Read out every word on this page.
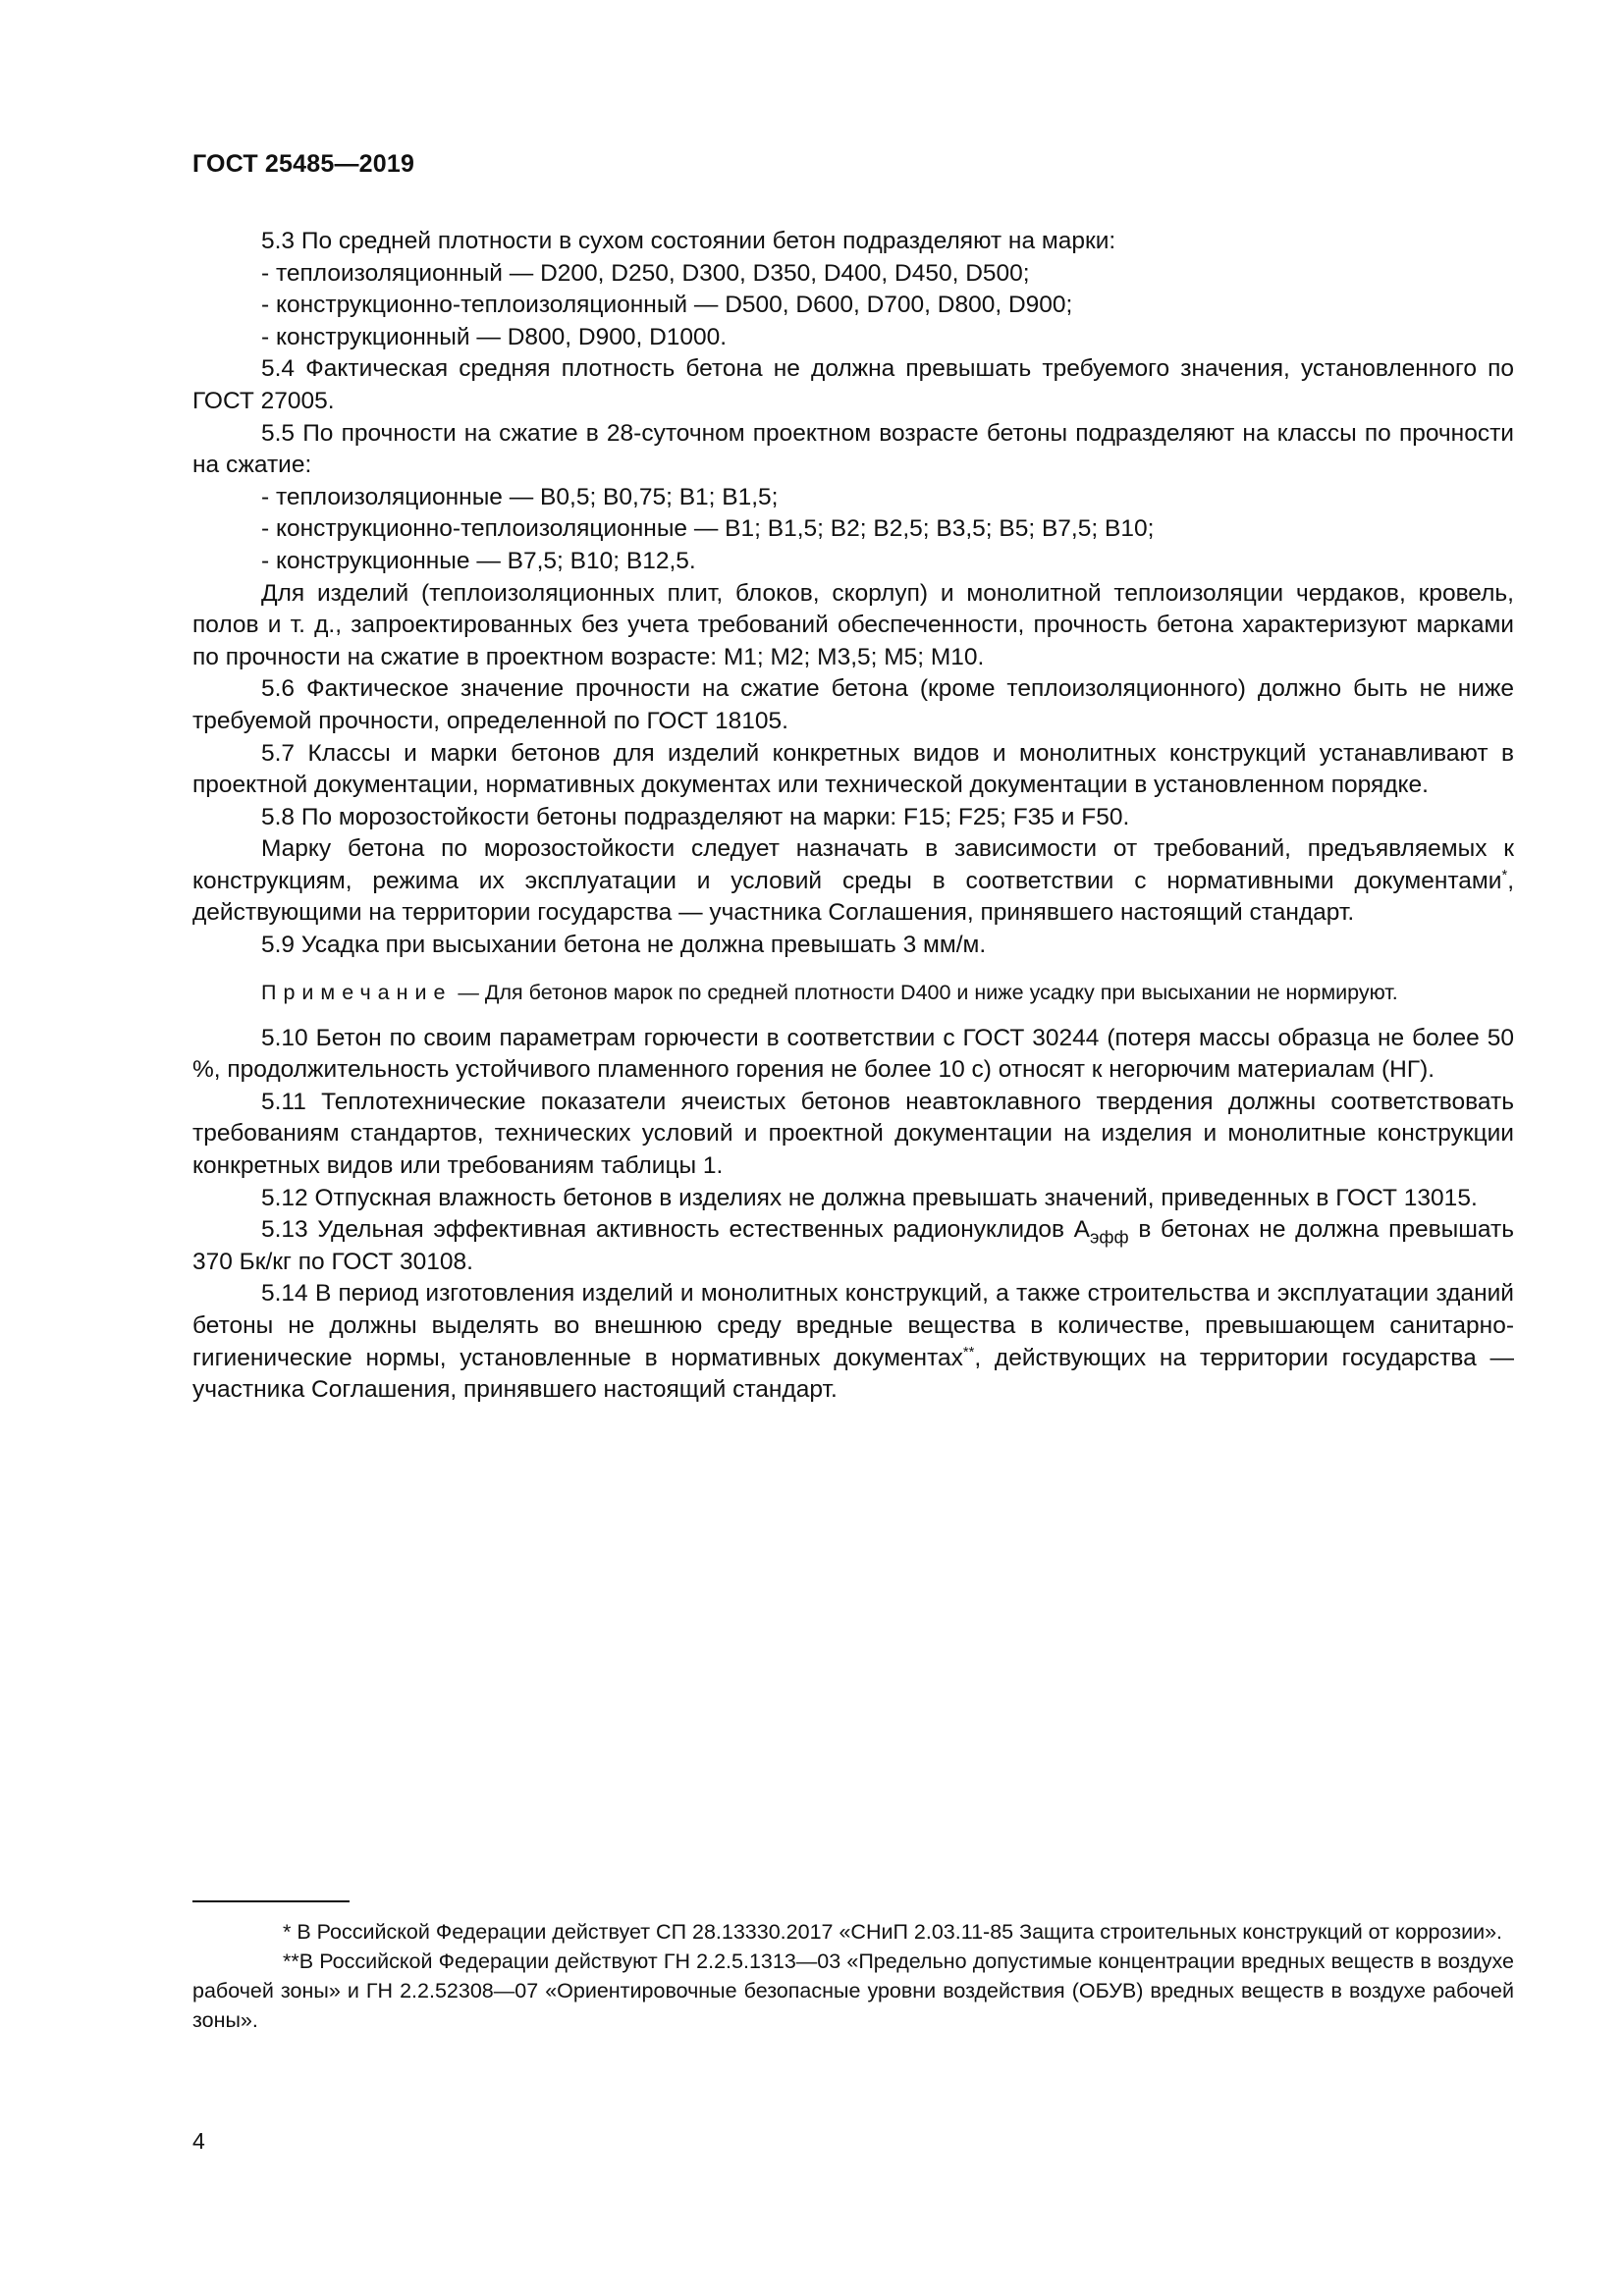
ГОСТ 25485—2019

5.3 По средней плотности в сухом состоянии бетон подразделяют на марки:

- теплоизоляционный — D200, D250, D300, D350, D400, D450, D500;

- конструкционно-теплоизоляционный — D500, D600, D700, D800, D900;

- конструкционный — D800, D900, D1000.

5.4 Фактическая средняя плотность бетона не должна превышать требуемого значения, установленного по ГОСТ 27005.

5.5 По прочности на сжатие в 28-суточном проектном возрасте бетоны подразделяют на классы по прочности на сжатие:

- теплоизоляционные — В0,5; В0,75; В1; В1,5;

- конструкционно-теплоизоляционные — В1; В1,5; В2; В2,5; В3,5; В5; В7,5; В10;

- конструкционные — В7,5; В10; В12,5.

Для изделий (теплоизоляционных плит, блоков, скорлуп) и монолитной теплоизоляции чердаков, кровель, полов и т. д., запроектированных без учета требований обеспеченности, прочность бетона характеризуют марками по прочности на сжатие в проектном возрасте: М1; М2; М3,5; М5; М10.

5.6 Фактическое значение прочности на сжатие бетона (кроме теплоизоляционного) должно быть не ниже требуемой прочности, определенной по ГОСТ 18105.

5.7 Классы и марки бетонов для изделий конкретных видов и монолитных конструкций устанавливают в проектной документации, нормативных документах или технической документации в установленном порядке.

5.8 По морозостойкости бетоны подразделяют на марки: F15; F25; F35 и F50.

Марку бетона по морозостойкости следует назначать в зависимости от требований, предъявляемых к конструкциям, режима их эксплуатации и условий среды в соответствии с нормативными документами*, действующими на территории государства — участника Соглашения, принявшего настоящий стандарт.

5.9 Усадка при высыхании бетона не должна превышать 3 мм/м.

Примечание — Для бетонов марок по средней плотности D400 и ниже усадку при высыхании не нормируют.

5.10 Бетон по своим параметрам горючести в соответствии с ГОСТ 30244 (потеря массы образца не более 50 %, продолжительность устойчивого пламенного горения не более 10 с) относят к негорючим материалам (НГ).

5.11 Теплотехнические показатели ячеистых бетонов неавтоклавного твердения должны соответствовать требованиям стандартов, технических условий и проектной документации на изделия и монолитные конструкции конкретных видов или требованиям таблицы 1.

5.12 Отпускная влажность бетонов в изделиях не должна превышать значений, приведенных в ГОСТ 13015.

5.13 Удельная эффективная активность естественных радионуклидов $А_{эфф}$ в бетонах не должна превышать 370 Бк/кг по ГОСТ 30108.

5.14 В период изготовления изделий и монолитных конструкций, а также строительства и эксплуатации зданий бетоны не должны выделять во внешнюю среду вредные вещества в количестве, превышающем санитарно-гигиенические нормы, установленные в нормативных документах**, действующих на территории государства — участника Соглашения, принявшего настоящий стандарт.

* В Российской Федерации действует СП 28.13330.2017 «СНиП 2.03.11-85 Защита строительных конструкций от коррозии».

**В Российской Федерации действуют ГН 2.2.5.1313—03 «Предельно допустимые концентрации вредных веществ в воздухе рабочей зоны» и ГН 2.2.52308—07 «Ориентировочные безопасные уровни воздействия (ОБУВ) вредных веществ в воздухе рабочей зоны».

4
